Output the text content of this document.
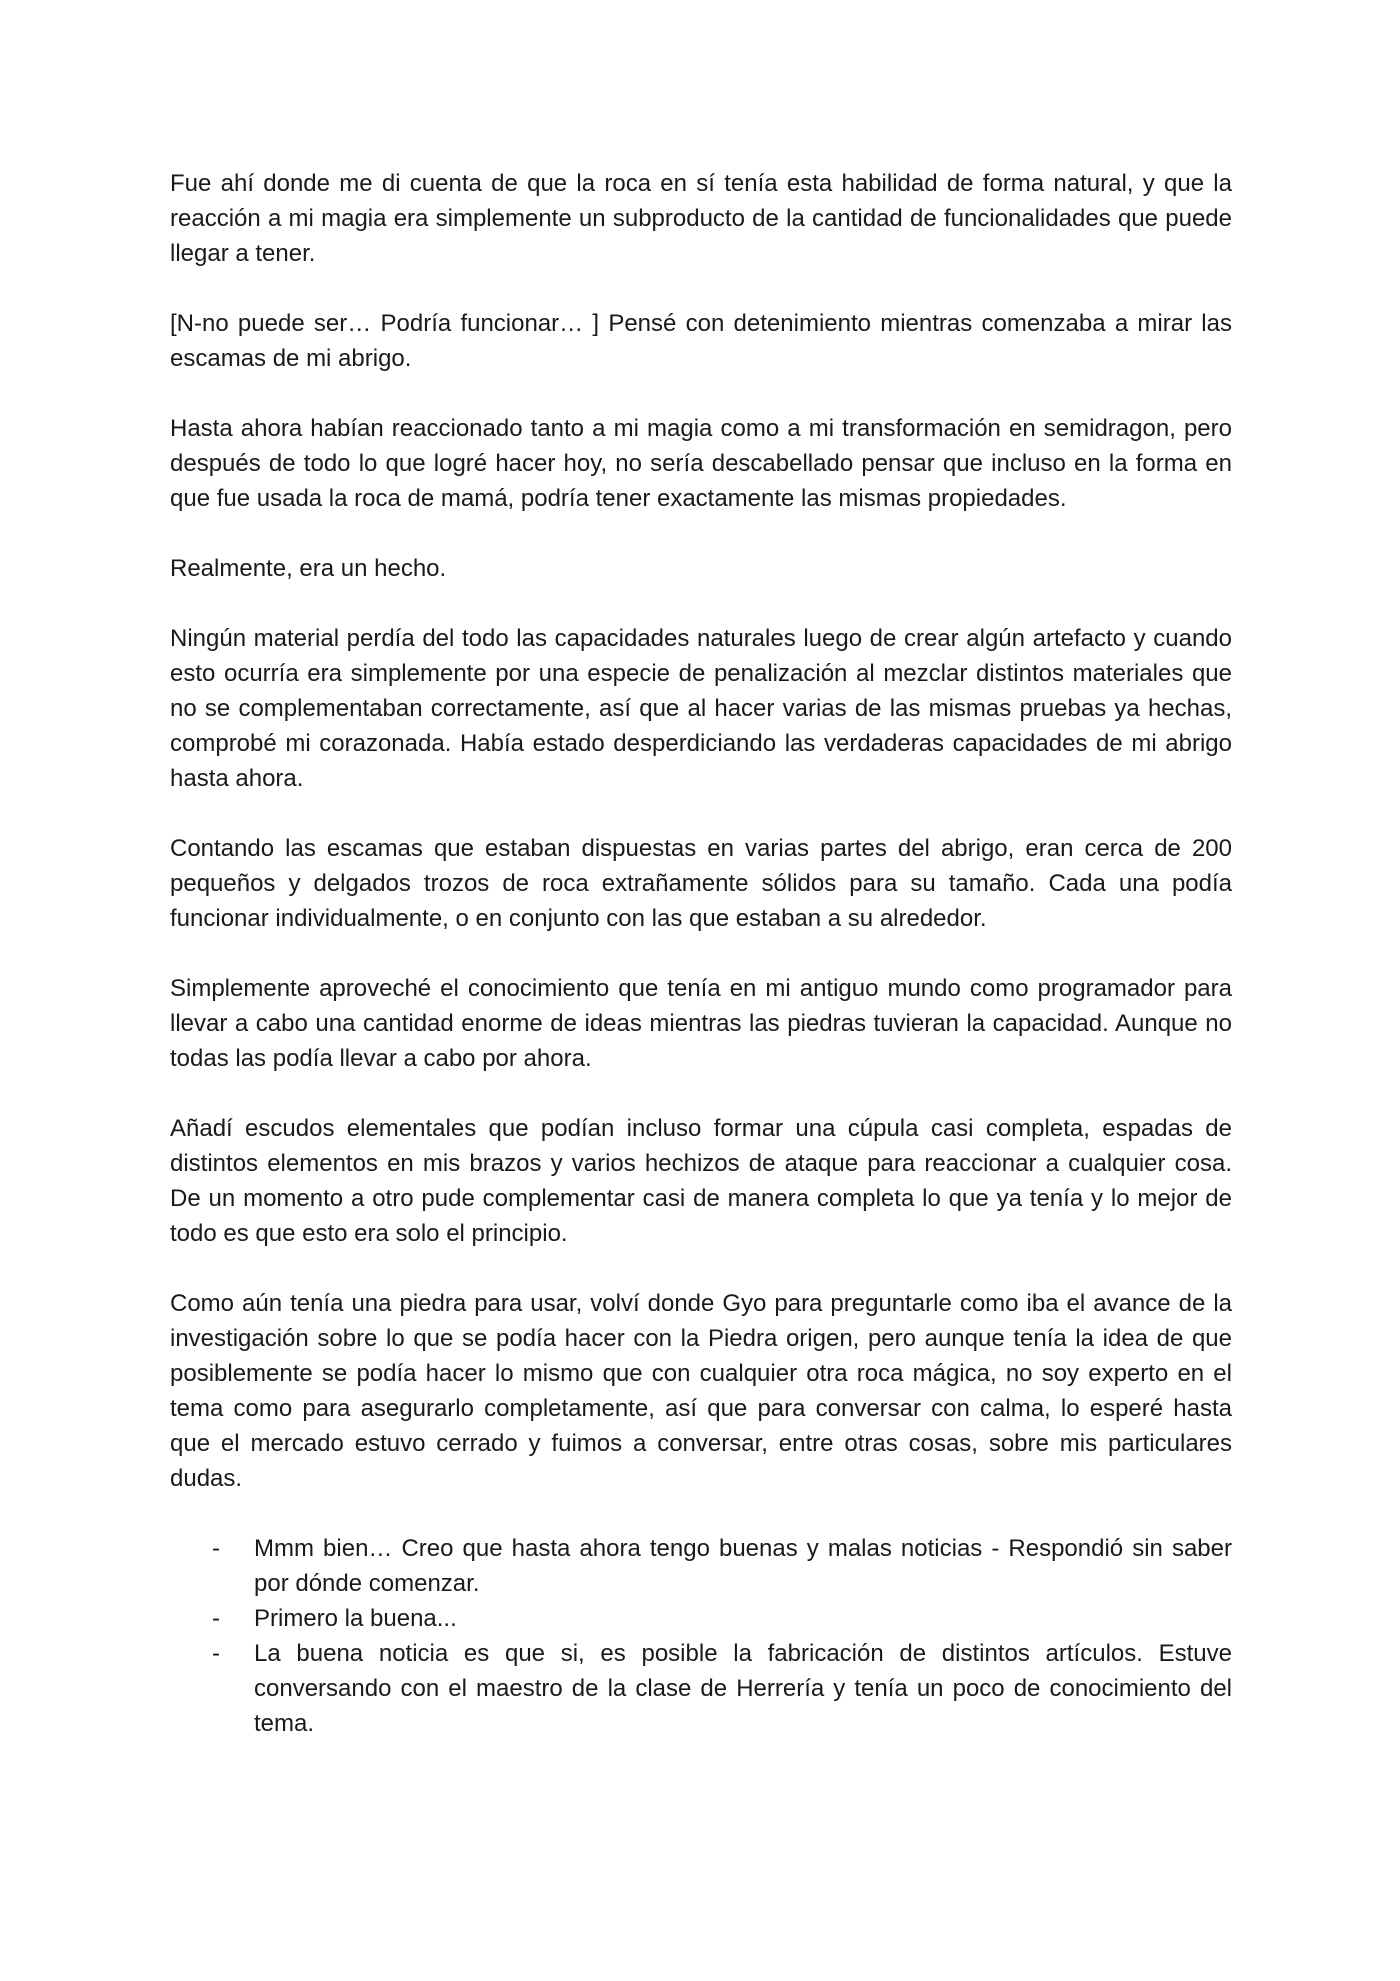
Fue ahí donde me di cuenta de que la roca en sí tenía esta habilidad de forma natural, y que la reacción a mi magia era simplemente un subproducto de la cantidad de funcionalidades que puede llegar a tener.

[N-no puede ser… Podría funcionar… ] Pensé con detenimiento mientras comenzaba a mirar las escamas de mi abrigo.

Hasta ahora habían reaccionado tanto a mi magia como a mi transformación en semidragon, pero después de todo lo que logré hacer hoy, no sería descabellado pensar que incluso en la forma en que fue usada la roca de mamá, podría tener exactamente las mismas propiedades.

Realmente, era un hecho.

Ningún material perdía del todo las capacidades naturales luego de crear algún artefacto y cuando esto ocurría era simplemente por una especie de penalización al mezclar distintos materiales que no se complementaban correctamente, así que al hacer varias de las mismas pruebas ya hechas, comprobé mi corazonada. Había estado desperdiciando las verdaderas capacidades de mi abrigo hasta ahora.

Contando las escamas que estaban dispuestas en varias partes del abrigo, eran cerca de 200 pequeños y delgados trozos de roca extrañamente sólidos para su tamaño. Cada una podía funcionar individualmente, o en conjunto con las que estaban a su alrededor.

Simplemente aproveché el conocimiento que tenía en mi antiguo mundo como programador para llevar a cabo una cantidad enorme de ideas mientras las piedras tuvieran la capacidad. Aunque no todas las podía llevar a cabo por ahora.

Añadí escudos elementales que podían incluso formar una cúpula casi completa, espadas de distintos elementos en mis brazos y varios hechizos de ataque para reaccionar a cualquier cosa. De un momento a otro pude complementar casi de manera completa lo que ya tenía y lo mejor de todo es que esto era solo el principio.

Como aún tenía una piedra para usar, volví donde Gyo para preguntarle como iba el avance de la investigación sobre lo que se podía hacer con la Piedra origen, pero aunque tenía la idea de que posiblemente se podía hacer lo mismo que con cualquier otra roca mágica, no soy experto en el tema como para asegurarlo completamente, así que para conversar con calma, lo esperé hasta que el mercado estuvo cerrado y fuimos a conversar, entre otras cosas, sobre mis particulares dudas.

- Mmm bien… Creo que hasta ahora tengo buenas y malas noticias - Respondió sin saber por dónde comenzar.
- Primero la buena...
- La buena noticia es que si, es posible la fabricación de distintos artículos. Estuve conversando con el maestro de la clase de Herrería y tenía un poco de conocimiento del tema.
